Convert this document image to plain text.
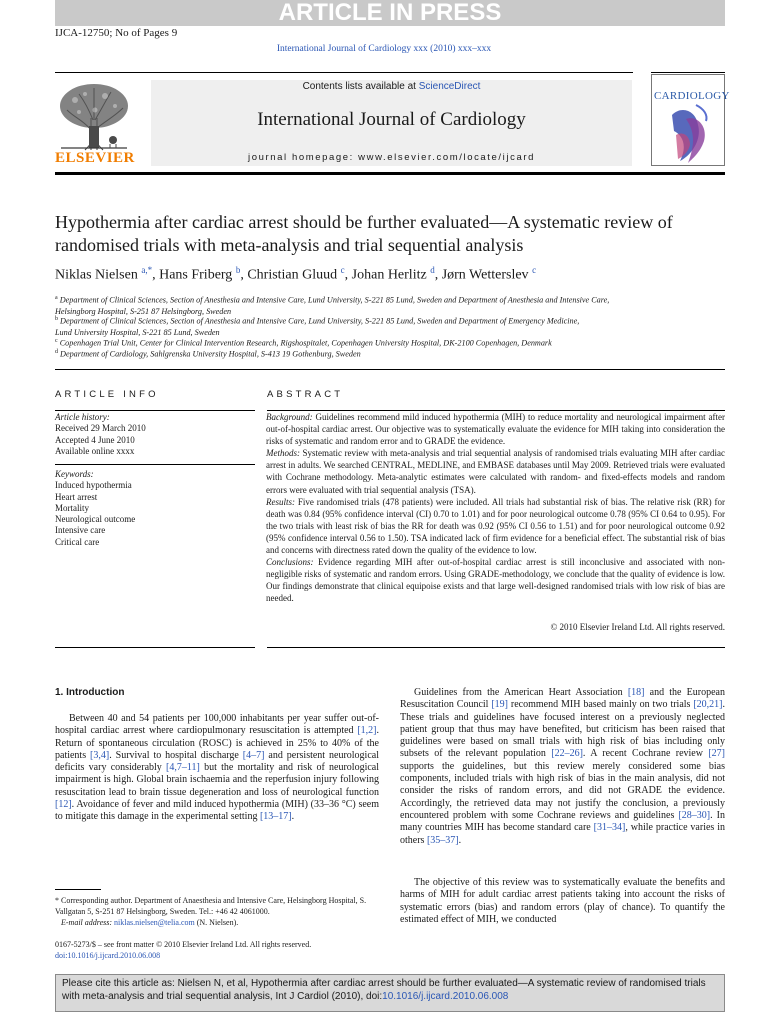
ARTICLE IN PRESS
IJCA-12750; No of Pages 9
International Journal of Cardiology xxx (2010) xxx–xxx
ELSEVIER
Contents lists available at ScienceDirect
International Journal of Cardiology
journal homepage: www.elsevier.com/locate/ijcard
CARDIOLOGY
Hypothermia after cardiac arrest should be further evaluated—A systematic review of randomised trials with meta-analysis and trial sequential analysis
Niklas Nielsen $^{a,*}$, Hans Friberg $^b$, Christian Gluud $^c$, Johan Herlitz $^d$, Jørn Wetterslev $^c$
$^a$ Department of Clinical Sciences, Section of Anesthesia and Intensive Care, Lund University, S-221 85 Lund, Sweden and Department of Anesthesia and Intensive Care,
Helsingborg Hospital, S-251 87 Helsingborg, Sweden
$^b$ Department of Clinical Sciences, Section of Anesthesia and Intensive Care, Lund University, S-221 85 Lund, Sweden and Department of Emergency Medicine,
Lund University Hospital, S-221 85 Lund, Sweden
$^c$ Copenhagen Trial Unit, Center for Clinical Intervention Research, Rigshospitalet, Copenhagen University Hospital, DK-2100 Copenhagen, Denmark
$^d$ Department of Cardiology, Sahlgrenska University Hospital, S-413 19 Gothenburg, Sweden
ARTICLE INFO	ABSTRACT
Article history:
Received 29 March 2010
Accepted 4 June 2010
Available online xxxx
Keywords:
Induced hypothermia
Heart arrest
Mortality
Neurological outcome
Intensive care
Critical care
Background: Guidelines recommend mild induced hypothermia (MIH) to reduce mortality and neurological impairment after out-of-hospital cardiac arrest. Our objective was to systematically evaluate the evidence for MIH taking into consideration the risks of systematic and random error and to GRADE the evidence.
Methods: Systematic review with meta-analysis and trial sequential analysis of randomised trials evaluating MIH after cardiac arrest in adults. We searched CENTRAL, MEDLINE, and EMBASE databases until May 2009. Retrieved trials were evaluated with Cochrane methodology. Meta-analytic estimates were calculated with random- and fixed-effects models and random errors were evaluated with trial sequential analysis (TSA).
Results: Five randomised trials (478 patients) were included. All trials had substantial risk of bias. The relative risk (RR) for death was 0.84 (95% confidence interval (CI) 0.70 to 1.01) and for poor neurological outcome 0.78 (95% CI 0.64 to 0.95). For the two trials with least risk of bias the RR for death was 0.92 (95% CI 0.56 to 1.51) and for poor neurological outcome 0.92 (95% confidence interval 0.56 to 1.50). TSA indicated lack of firm evidence for a beneficial effect. The substantial risk of bias and concerns with directness rated down the quality of the evidence to low.
Conclusions: Evidence regarding MIH after out-of-hospital cardiac arrest is still inconclusive and associated with non-negligible risks of systematic and random errors. Using GRADE-methodology, we conclude that the quality of evidence is low. Our findings demonstrate that clinical equipoise exists and that large well-designed randomised trials with low risk of bias are needed.
© 2010 Elsevier Ireland Ltd. All rights reserved.
1. Introduction
Between 40 and 54 patients per 100,000 inhabitants per year suffer out-of-hospital cardiac arrest where cardiopulmonary resuscitation is attempted [1,2]. Return of spontaneous circulation (ROSC) is achieved in 25% to 40% of the patients [3,4]. Survival to hospital discharge [4–7] and persistent neurological deficits vary considerably [4,7–11] but the mortality and risk of neurological impairment is high. Global brain ischaemia and the reperfusion injury following resuscitation lead to brain tissue degeneration and loss of neurological function [12]. Avoidance of fever and mild induced hypothermia (MIH) (33–36 °C) seem to mitigate this damage in the experimental setting [13–17].
Guidelines from the American Heart Association [18] and the European Resuscitation Council [19] recommend MIH based mainly on two trials [20,21]. These trials and guidelines have focused interest on a previously neglected patient group that thus may have benefited, but criticism has been raised that guidelines were based on small trials with high risk of bias including only subsets of the relevant population [22–26]. A recent Cochrane review [27] supports the guidelines, but this review merely considered some bias components, included trials with high risk of bias in the main analysis, did not consider the risks of random errors, and did not GRADE the evidence. Accordingly, the retrieved data may not justify the conclusion, a previously encountered problem with some Cochrane reviews and guidelines [28–30]. In many countries MIH has become standard care [31–34], while practice varies in others [35–37].
The objective of this review was to systematically evaluate the benefits and harms of MIH for adult cardiac arrest patients taking into account the risks of systematic errors (bias) and random errors (play of chance). To quantify the estimated effect of MIH, we conducted
* Corresponding author. Department of Anaesthesia and Intensive Care, Helsingborg Hospital, S. Vallgatan 5, S-251 87 Helsingborg, Sweden. Tel.: +46 42 4061000.
E-mail address: niklas.nielsen@telia.com (N. Nielsen).
0167-5273/$ – see front matter © 2010 Elsevier Ireland Ltd. All rights reserved.
doi:10.1016/j.ijcard.2010.06.008
Please cite this article as: Nielsen N, et al, Hypothermia after cardiac arrest should be further evaluated—A systematic review of randomised trials with meta-analysis and trial sequential analysis, Int J Cardiol (2010), doi:10.1016/j.ijcard.2010.06.008
